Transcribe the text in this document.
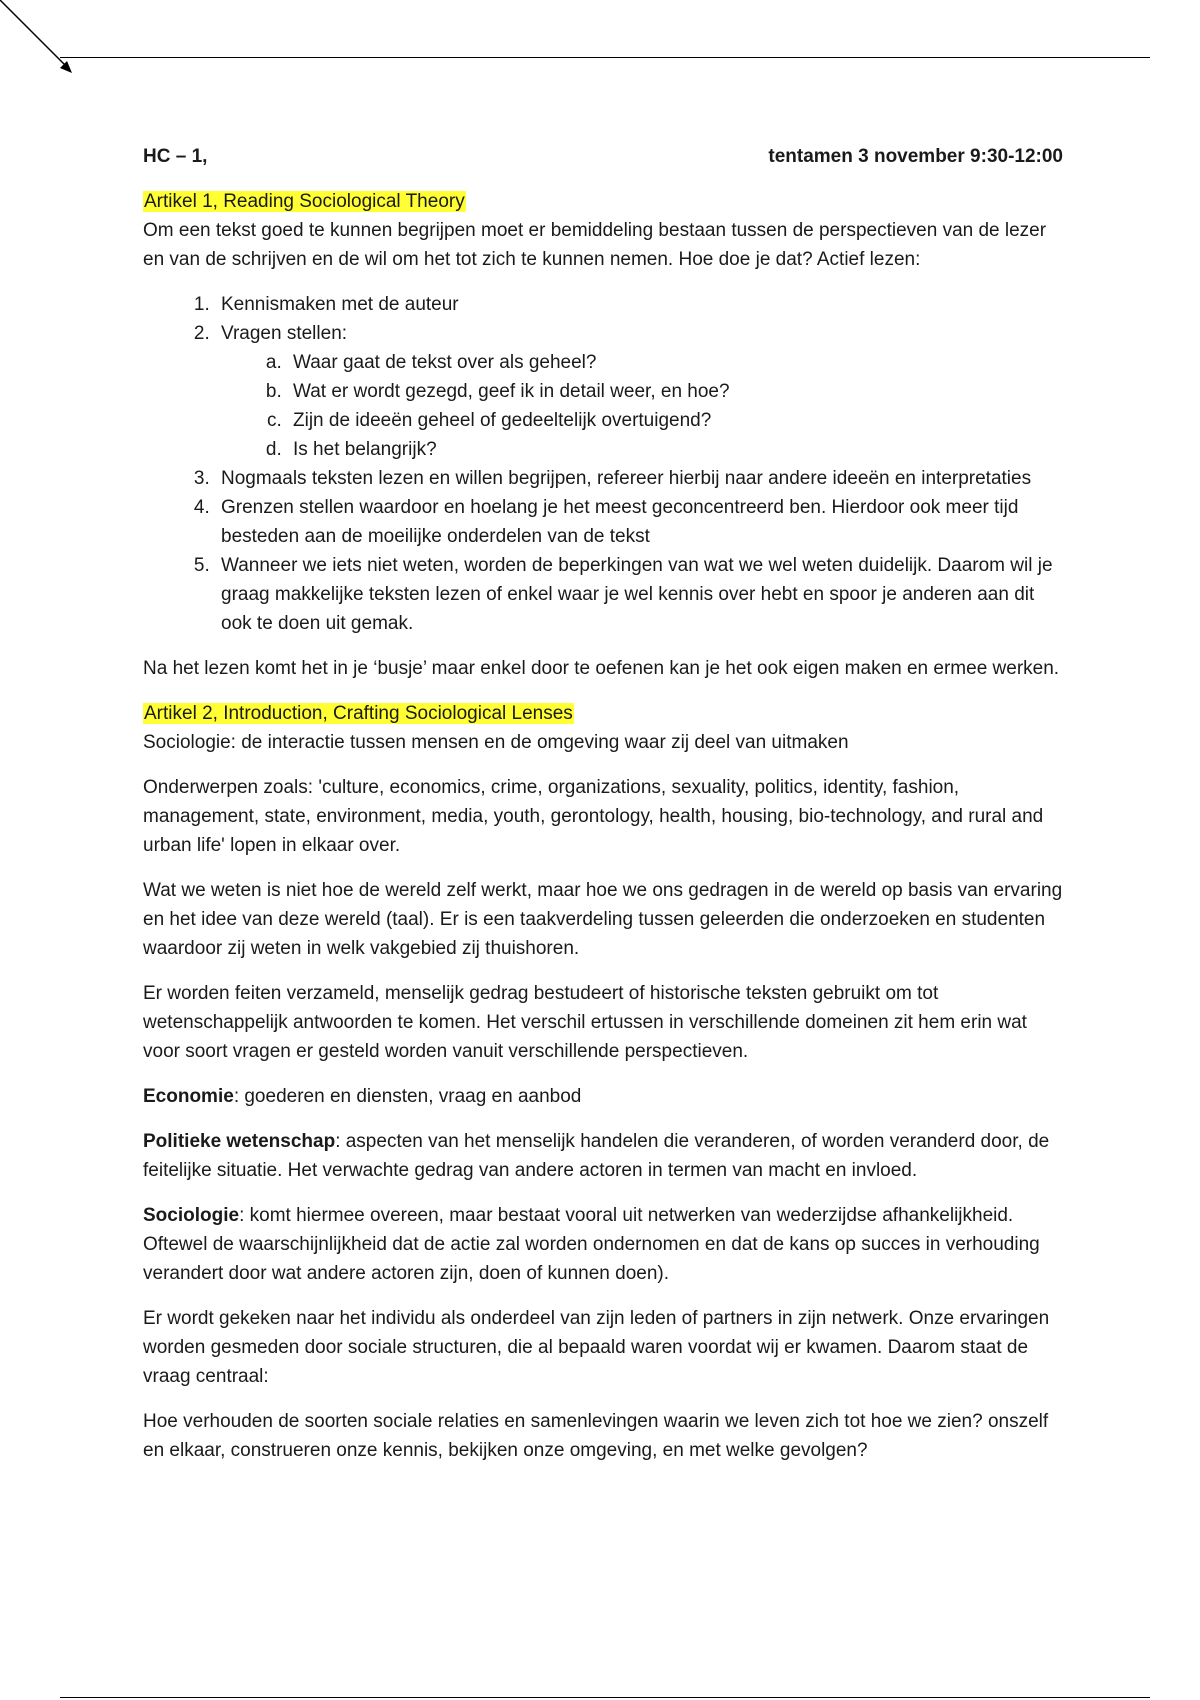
HC – 1,	tentamen 3 november 9:30-12:00
Artikel 1, Reading Sociological Theory

Om een tekst goed te kunnen begrijpen moet er bemiddeling bestaan tussen de perspectieven van de lezer en van de schrijven en de wil om het tot zich te kunnen nemen. Hoe doe je dat? Actief lezen:

1. Kennismaken met de auteur
2. Vragen stellen:
a. Waar gaat de tekst over als geheel?
b. Wat er wordt gezegd, geef ik in detail weer, en hoe?
c. Zijn de ideeën geheel of gedeeltelijk overtuigend?
d. Is het belangrijk?
3. Nogmaals teksten lezen en willen begrijpen, refereer hierbij naar andere ideeën en interpretaties
4. Grenzen stellen waardoor en hoelang je het meest geconcentreerd ben. Hierdoor ook meer tijd besteden aan de moeilijke onderdelen van de tekst
5. Wanneer we iets niet weten, worden de beperkingen van wat we wel weten duidelijk. Daarom wil je graag makkelijke teksten lezen of enkel waar je wel kennis over hebt en spoor je anderen aan dit ook te doen uit gemak.

Na het lezen komt het in je ‘busje’ maar enkel door te oefenen kan je het ook eigen maken en ermee werken.

Artikel 2, Introduction, Crafting Sociological Lenses

Sociologie: de interactie tussen mensen en de omgeving waar zij deel van uitmaken

Onderwerpen zoals: 'culture, economics, crime, organizations, sexuality, politics, identity, fashion, management, state, environment, media, youth, gerontology, health, housing, bio-technology, and rural and urban life' lopen in elkaar over.

Wat we weten is niet hoe de wereld zelf werkt, maar hoe we ons gedragen in de wereld op basis van ervaring en het idee van deze wereld (taal). Er is een taakverdeling tussen geleerden die onderzoeken en studenten waardoor zij weten in welk vakgebied zij thuishoren.

Er worden feiten verzameld, menselijk gedrag bestudeert of historische teksten gebruikt om tot wetenschappelijk antwoorden te komen. Het verschil ertussen in verschillende domeinen zit hem erin wat voor soort vragen er gesteld worden vanuit verschillende perspectieven.

Economie: goederen en diensten, vraag en aanbod

Politieke wetenschap: aspecten van het menselijk handelen die veranderen, of worden veranderd door, de feitelijke situatie. Het verwachte gedrag van andere actoren in termen van macht en invloed.

Sociologie: komt hiermee overeen, maar bestaat vooral uit netwerken van wederzijdse afhankelijkheid. Oftewel de waarschijnlijkheid dat de actie zal worden ondernomen en dat de kans op succes in verhouding verandert door wat andere actoren zijn, doen of kunnen doen).

Er wordt gekeken naar het individu als onderdeel van zijn leden of partners in zijn netwerk. Onze ervaringen worden gesmeden door sociale structuren, die al bepaald waren voordat wij er kwamen. Daarom staat de vraag centraal:

Hoe verhouden de soorten sociale relaties en samenlevingen waarin we leven zich tot hoe we zien? onszelf en elkaar, construeren onze kennis, bekijken onze omgeving, en met welke gevolgen?
